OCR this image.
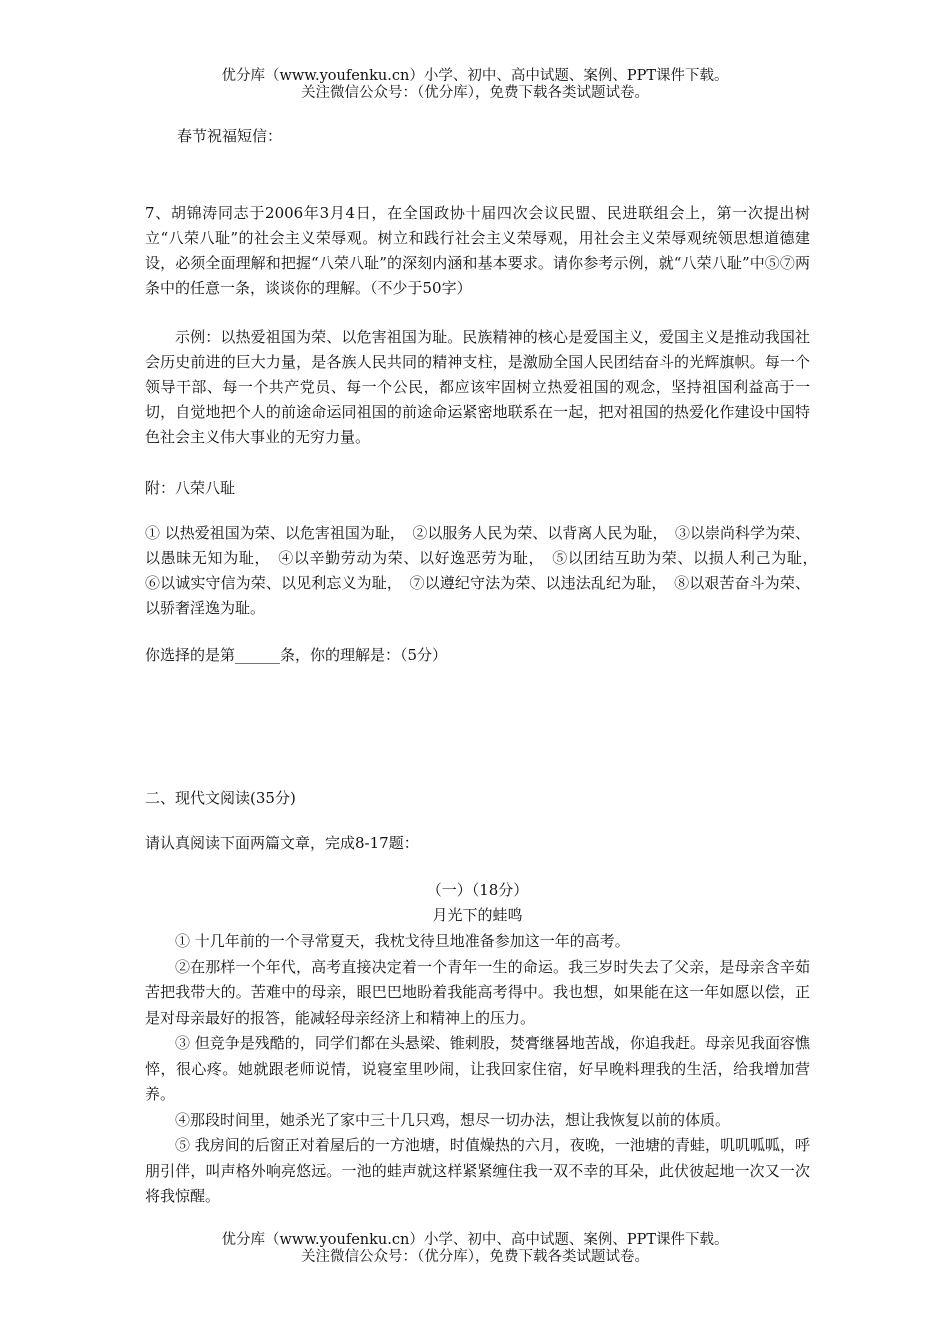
优分库（www.youfenku.cn）小学、初中、高中试题、案例、PPT课件下载。
关注微信公众号：（优分库），免费下载各类试题试卷。
春节祝福短信：
7、胡锦涛同志于2006年3月4日，在全国政协十届四次会议民盟、民进联组会上，第一次提出树立“八荣八耻”的社会主义荣辱观。树立和践行社会主义荣辱观，用社会主义荣辱观统领思想道德建设，必须全面理解和把握“八荣八耻”的深刻内涵和基本要求。请你参考示例，就“八荣八耻”中⑤⑦两条中的任意一条，谈谈你的理解。（不少于50字）
示例：以热爱祖国为荣、以危害祖国为耻。民族精神的核心是爱国主义，爱国主义是推动我国社会历史前进的巨大力量，是各族人民共同的精神支柱，是激励全国人民团结奋斗的光辉旗帜。每一个领导干部、每一个共产党员、每一个公民，都应该牢固树立热爱祖国的观念，坚持祖国利益高于一切，自觉地把个人的前途命运同祖国的前途命运紧密地联系在一起，把对祖国的热爱化作建设中国特色社会主义伟大事业的无穷力量。
附：八荣八耻
① 以热爱祖国为荣、以危害祖国为耻，　②以服务人民为荣、以背离人民为耻，　③以崇尚科学为荣、以愚昧无知为耻，　④以辛勤劳动为荣、以好逸恶劳为耻，　⑤以团结互助为荣、以损人利己为耻，　⑥以诚实守信为荣、以见利忘义为耻，　⑦以遵纪守法为荣、以违法乱纪为耻，　⑧以艰苦奋斗为荣、以骄奢淫逸为耻。
你选择的是第______条，你的理解是：（5分）
二、现代文阅读(35分)
请认真阅读下面两篇文章，完成8-17题：
（一）（18分）
月光下的蛙鸣
① 十几年前的一个寻常夏天，我枕戈待旦地准备参加这一年的高考。
②在那样一个年代，高考直接决定着一个青年一生的命运。我三岁时失去了父亲，是母亲含辛茹苦把我带大的。苦难中的母亲，眼巴巴地盼着我能高考得中。我也想，如果能在这一年如愿以偿，正是对母亲最好的报答，能减轻母亲经济上和精神上的压力。
③ 但竞争是残酷的，同学们都在头悬梁、锥刺股，焚膏继晷地苦战，你追我赶。母亲见我面容憔悴，很心疼。她就跟老师说情，说寝室里吵闹，让我回家住宿，好早晚料理我的生活，给我增加营养。
④那段时间里，她杀光了家中三十几只鸡，想尽一切办法，想让我恢复以前的体质。
⑤ 我房间的后窗正对着屋后的一方池塘，时值燥热的六月，夜晚，一池塘的青蛙，叽叽呱呱，呼朋引伴，叫声格外响亮悠远。一池的蛙声就这样紧紧缠住我一双不幸的耳朵，此伏彼起地一次又一次将我惊醒。
优分库（www.youfenku.cn）小学、初中、高中试题、案例、PPT课件下载。
关注微信公众号：（优分库），免费下载各类试题试卷。
